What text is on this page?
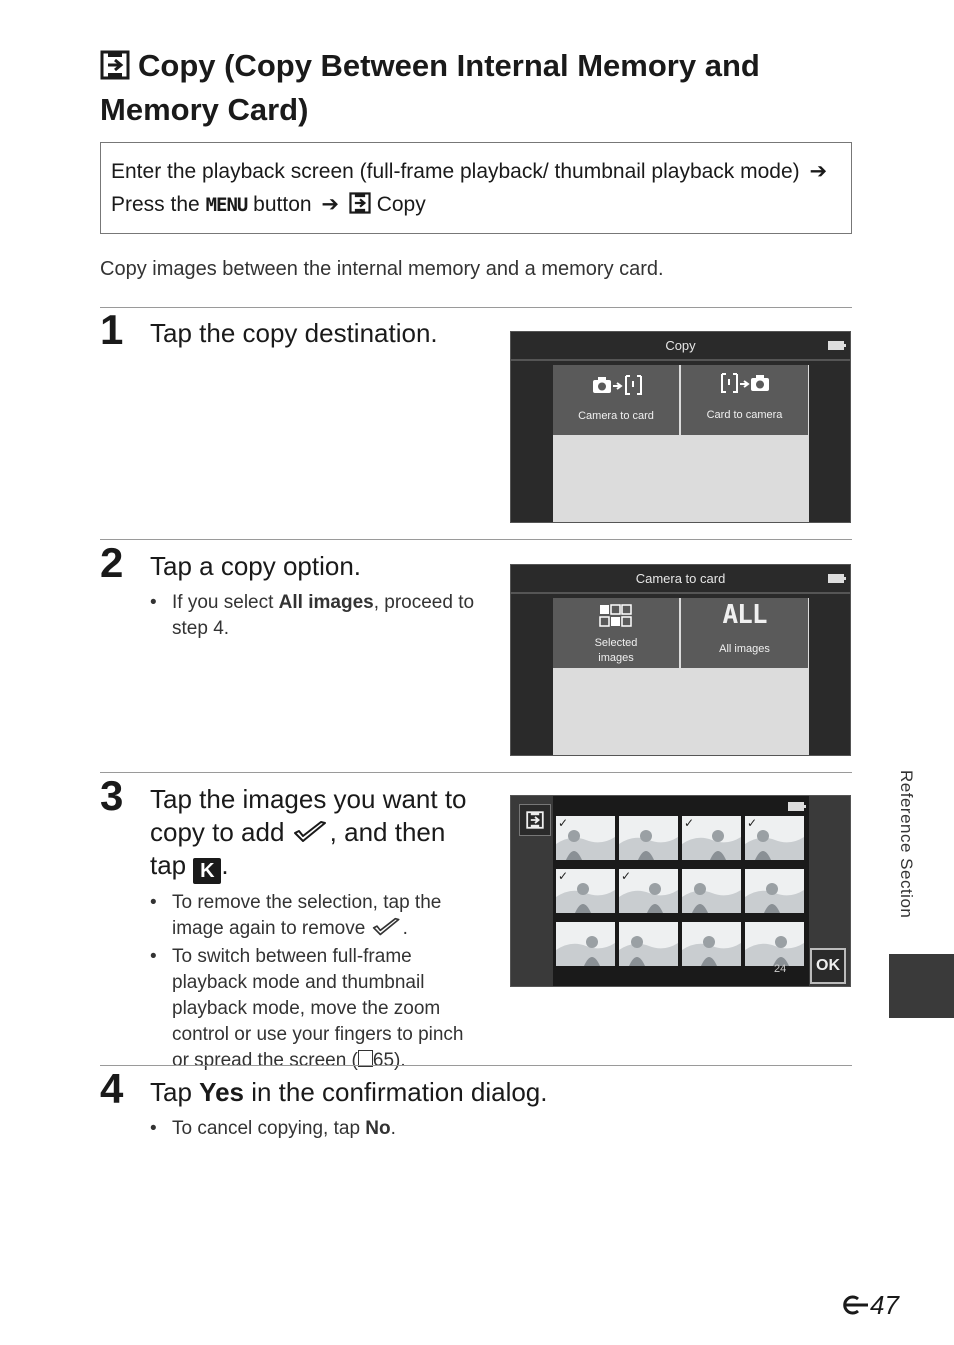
Copy (Copy Between Internal Memory and Memory Card)
Enter the playback screen (full-frame playback/ thumbnail playback mode) ➔ Press the MENU button ➔ Copy
Copy images between the internal memory and a memory card.
1 Tap the copy destination.	Copy
Camera to card	Card to camera
2 Tap a copy option.
• If you select All images, proceed to step 4.
Camera to card
Selected images
ALL
All images
3 Tap the images you want to copy to add , and then tap K .
• To remove the selection, tap the image again to remove .
• To switch between full-frame playback mode and thumbnail playback mode, move the zoom control or use your fingers to pinch or spread the screen ( 65).
✓	✓	✓
✓	✓
24	OK
4 Tap Yes in the confirmation dialog.
• To cancel copying, tap No.
Reference Section
47
